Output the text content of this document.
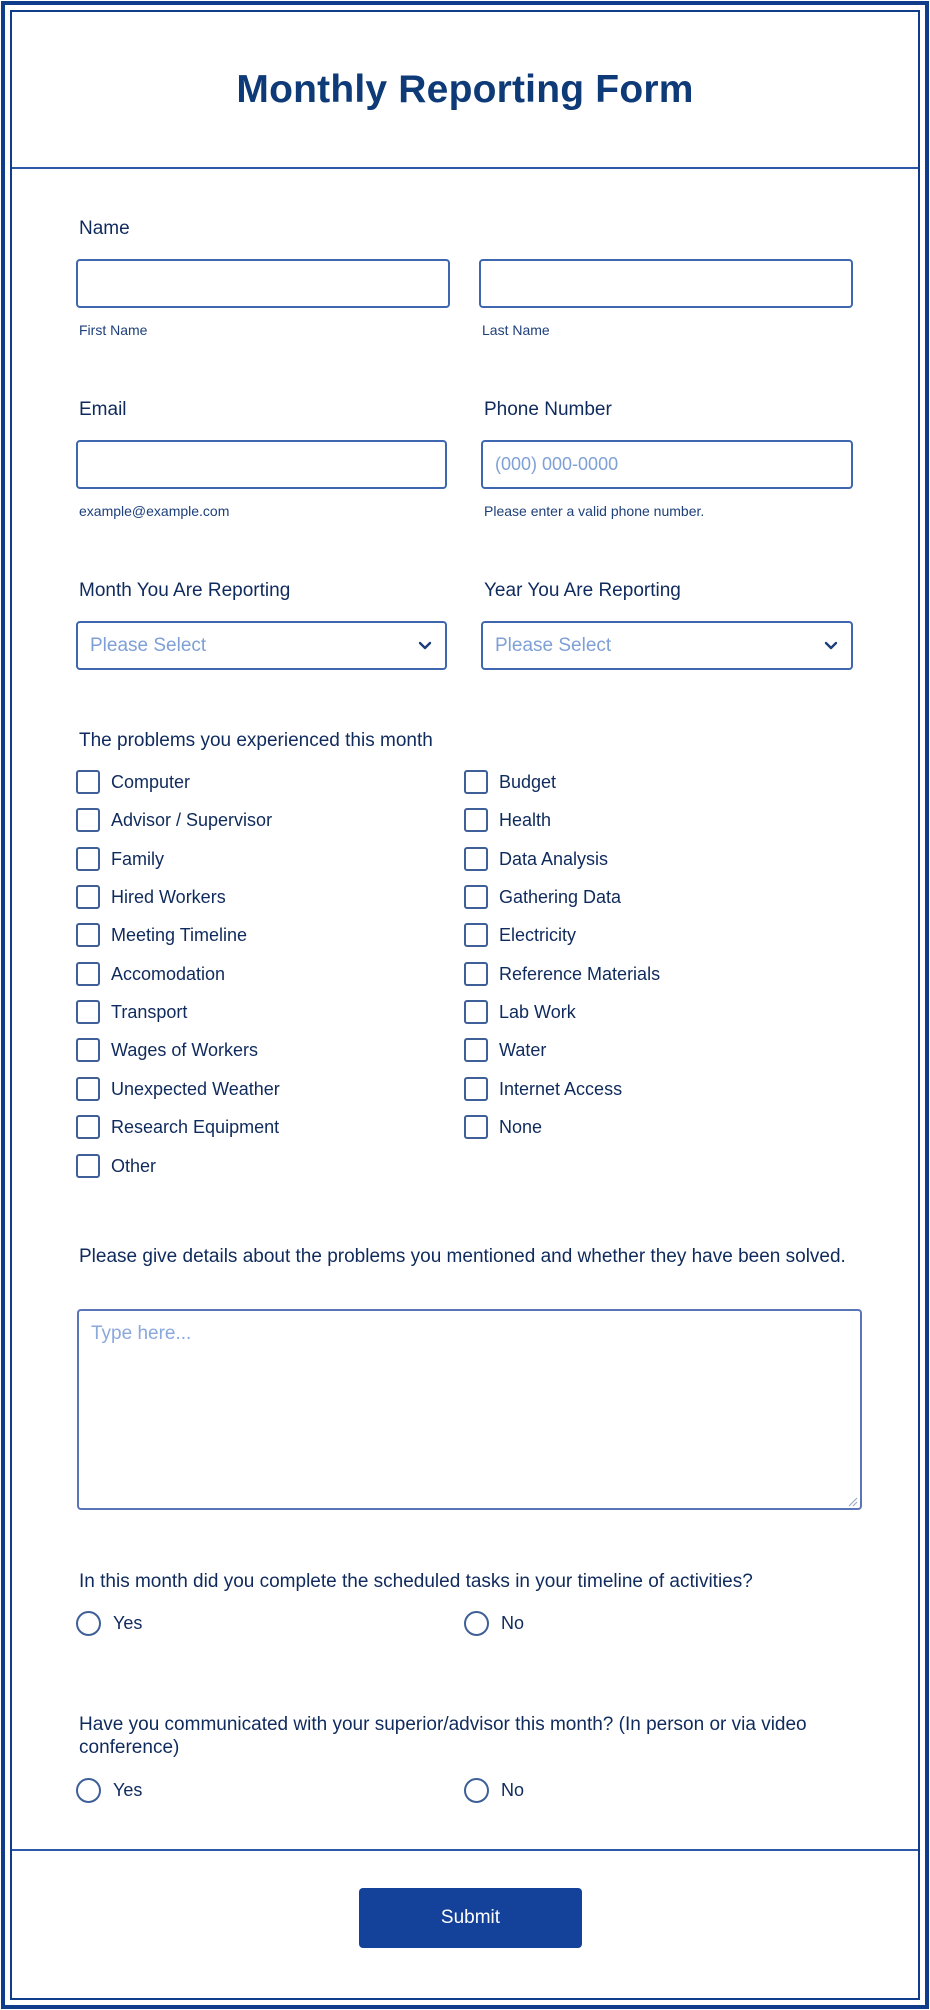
Monthly Reporting Form
Name
First Name	Last Name
Email	Phone Number
(000) 000-0000
example@example.com	Please enter a valid phone number.
Month You Are Reporting	Year You Are Reporting
Please Select	Please Select
The problems you experienced this month
Computer
Advisor / Supervisor
Family
Hired Workers
Meeting Timeline
Accomodation
Transport
Wages of Workers
Unexpected Weather
Research Equipment
Other
Budget
Health
Data Analysis
Gathering Data
Electricity
Reference Materials
Lab Work
Water
Internet Access
None
Please give details about the problems you mentioned and whether they have been solved.
Type here...
In this month did you complete the scheduled tasks in your timeline of activities?
Yes	No
Have you communicated with your superior/advisor this month? (In person or via video conference)
Yes	No
Submit
